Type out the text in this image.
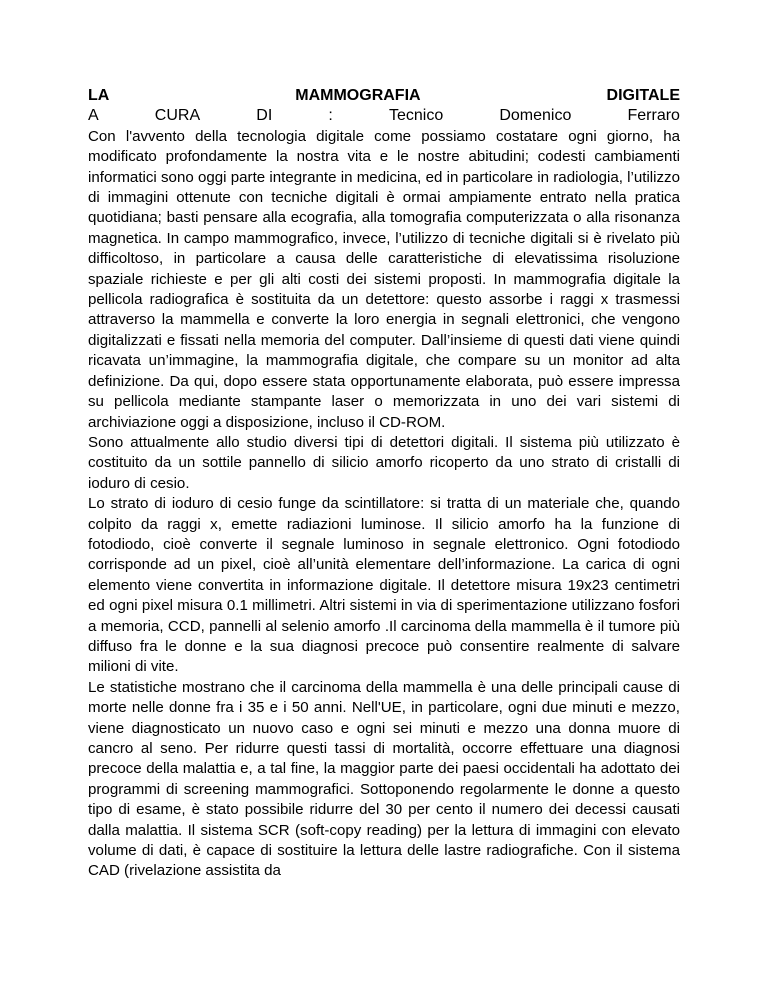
LA	MAMMOGRAFIA	DIGITALE
A	CURA	DI	:	Tecnico	Domenico	Ferraro

Con l'avvento della tecnologia digitale come possiamo costatare ogni giorno, ha modificato profondamente la nostra vita e le nostre abitudini; codesti cambiamenti informatici sono oggi parte integrante in medicina, ed in particolare in radiologia, l’utilizzo di immagini ottenute con tecniche digitali è ormai ampiamente entrato nella pratica quotidiana; basti pensare alla ecografia, alla tomografia computerizzata o alla risonanza magnetica. In campo mammografico, invece, l’utilizzo di tecniche digitali si è rivelato più difficoltoso, in particolare a causa delle caratteristiche di elevatissima risoluzione spaziale richieste e per gli alti costi dei sistemi proposti. In mammografia digitale la pellicola radiografica è sostituita da un detettore: questo assorbe i raggi x trasmessi attraverso la mammella e converte la loro energia in segnali elettronici, che vengono digitalizzati e fissati nella memoria del computer. Dall’insieme di questi dati viene quindi ricavata un’immagine, la mammografia digitale, che compare su un monitor ad alta definizione. Da qui, dopo essere stata opportunamente elaborata, può essere impressa su pellicola mediante stampante laser o memorizzata in uno dei vari sistemi di archiviazione oggi a disposizione, incluso il CD-ROM.

Sono attualmente allo studio diversi tipi di detettori digitali. Il sistema più utilizzato è costituito da un sottile pannello di silicio amorfo ricoperto da uno strato di cristalli di ioduro di cesio.

Lo strato di ioduro di cesio funge da scintillatore: si tratta di un materiale che, quando colpito da raggi x, emette radiazioni luminose. Il silicio amorfo ha la funzione di fotodiodo, cioè converte il segnale luminoso in segnale elettronico. Ogni fotodiodo corrisponde ad un pixel, cioè all’unità elementare dell’informazione. La carica di ogni elemento viene convertita in informazione digitale. Il detettore misura 19x23 centimetri ed ogni pixel misura 0.1 millimetri. Altri sistemi in via di sperimentazione utilizzano fosfori a memoria, CCD, pannelli al selenio amorfo .Il carcinoma della mammella è il tumore più diffuso fra le donne e la sua diagnosi precoce può consentire realmente di salvare milioni di vite.

Le statistiche mostrano che il carcinoma della mammella è una delle principali cause di morte nelle donne fra i 35 e i 50 anni. Nell'UE, in particolare, ogni due minuti e mezzo, viene diagnosticato un nuovo caso e ogni sei minuti e mezzo una donna muore di cancro al seno. Per ridurre questi tassi di mortalità, occorre effettuare una diagnosi precoce della malattia e, a tal fine, la maggior parte dei paesi occidentali ha adottato dei programmi di screening mammografici. Sottoponendo regolarmente le donne a questo tipo di esame, è stato possibile ridurre del 30 per cento il numero dei decessi causati dalla malattia. Il sistema SCR (soft-copy reading) per la lettura di immagini con elevato volume di dati, è capace di sostituire la lettura delle lastre radiografiche. Con il sistema CAD (rivelazione assistita da
